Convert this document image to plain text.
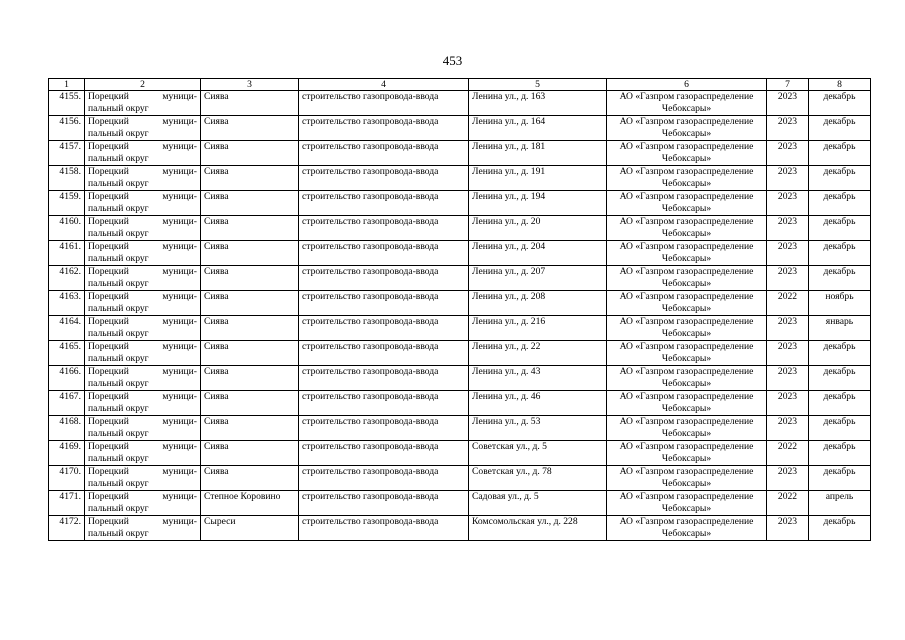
453
1	2	3	4	5	6	7	8
4155.	Порецкий муници-
пальный округ	Сиява	строительство газопровода-ввода	Ленина ул., д. 163	АО «Газпром газораспределение
Чебоксары»	2023	декабрь
4156.	Порецкий муници-
пальный округ	Сиява	строительство газопровода-ввода	Ленина ул., д. 164	АО «Газпром газораспределение
Чебоксары»	2023	декабрь
4157.	Порецкий муници-
пальный округ	Сиява	строительство газопровода-ввода	Ленина ул., д. 181	АО «Газпром газораспределение
Чебоксары»	2023	декабрь
4158.	Порецкий муници-
пальный округ	Сиява	строительство газопровода-ввода	Ленина ул., д. 191	АО «Газпром газораспределение
Чебоксары»	2023	декабрь
4159.	Порецкий муници-
пальный округ	Сиява	строительство газопровода-ввода	Ленина ул., д. 194	АО «Газпром газораспределение
Чебоксары»	2023	декабрь
4160.	Порецкий муници-
пальный округ	Сиява	строительство газопровода-ввода	Ленина ул., д. 20	АО «Газпром газораспределение
Чебоксары»	2023	декабрь
4161.	Порецкий муници-
пальный округ	Сиява	строительство газопровода-ввода	Ленина ул., д. 204	АО «Газпром газораспределение
Чебоксары»	2023	декабрь
4162.	Порецкий муници-
пальный округ	Сиява	строительство газопровода-ввода	Ленина ул., д. 207	АО «Газпром газораспределение
Чебоксары»	2023	декабрь
4163.	Порецкий муници-
пальный округ	Сиява	строительство газопровода-ввода	Ленина ул., д. 208	АО «Газпром газораспределение
Чебоксары»	2022	ноябрь
4164.	Порецкий муници-
пальный округ	Сиява	строительство газопровода-ввода	Ленина ул., д. 216	АО «Газпром газораспределение
Чебоксары»	2023	январь
4165.	Порецкий муници-
пальный округ	Сиява	строительство газопровода-ввода	Ленина ул., д. 22	АО «Газпром газораспределение
Чебоксары»	2023	декабрь
4166.	Порецкий муници-
пальный округ	Сиява	строительство газопровода-ввода	Ленина ул., д. 43	АО «Газпром газораспределение
Чебоксары»	2023	декабрь
4167.	Порецкий муници-
пальный округ	Сиява	строительство газопровода-ввода	Ленина ул., д. 46	АО «Газпром газораспределение
Чебоксары»	2023	декабрь
4168.	Порецкий муници-
пальный округ	Сиява	строительство газопровода-ввода	Ленина ул., д. 53	АО «Газпром газораспределение
Чебоксары»	2023	декабрь
4169.	Порецкий муници-
пальный округ	Сиява	строительство газопровода-ввода	Советская ул., д. 5	АО «Газпром газораспределение
Чебоксары»	2022	декабрь
4170.	Порецкий муници-
пальный округ	Сиява	строительство газопровода-ввода	Советская ул., д. 78	АО «Газпром газораспределение
Чебоксары»	2023	декабрь
4171.	Порецкий муници-
пальный округ	Степное Коровино	строительство газопровода-ввода	Садовая ул., д. 5	АО «Газпром газораспределение
Чебоксары»	2022	апрель
4172.	Порецкий муници-
пальный округ	Сыреси	строительство газопровода-ввода	Комсомольская ул., д. 228	АО «Газпром газораспределение
Чебоксары»	2023	декабрь
